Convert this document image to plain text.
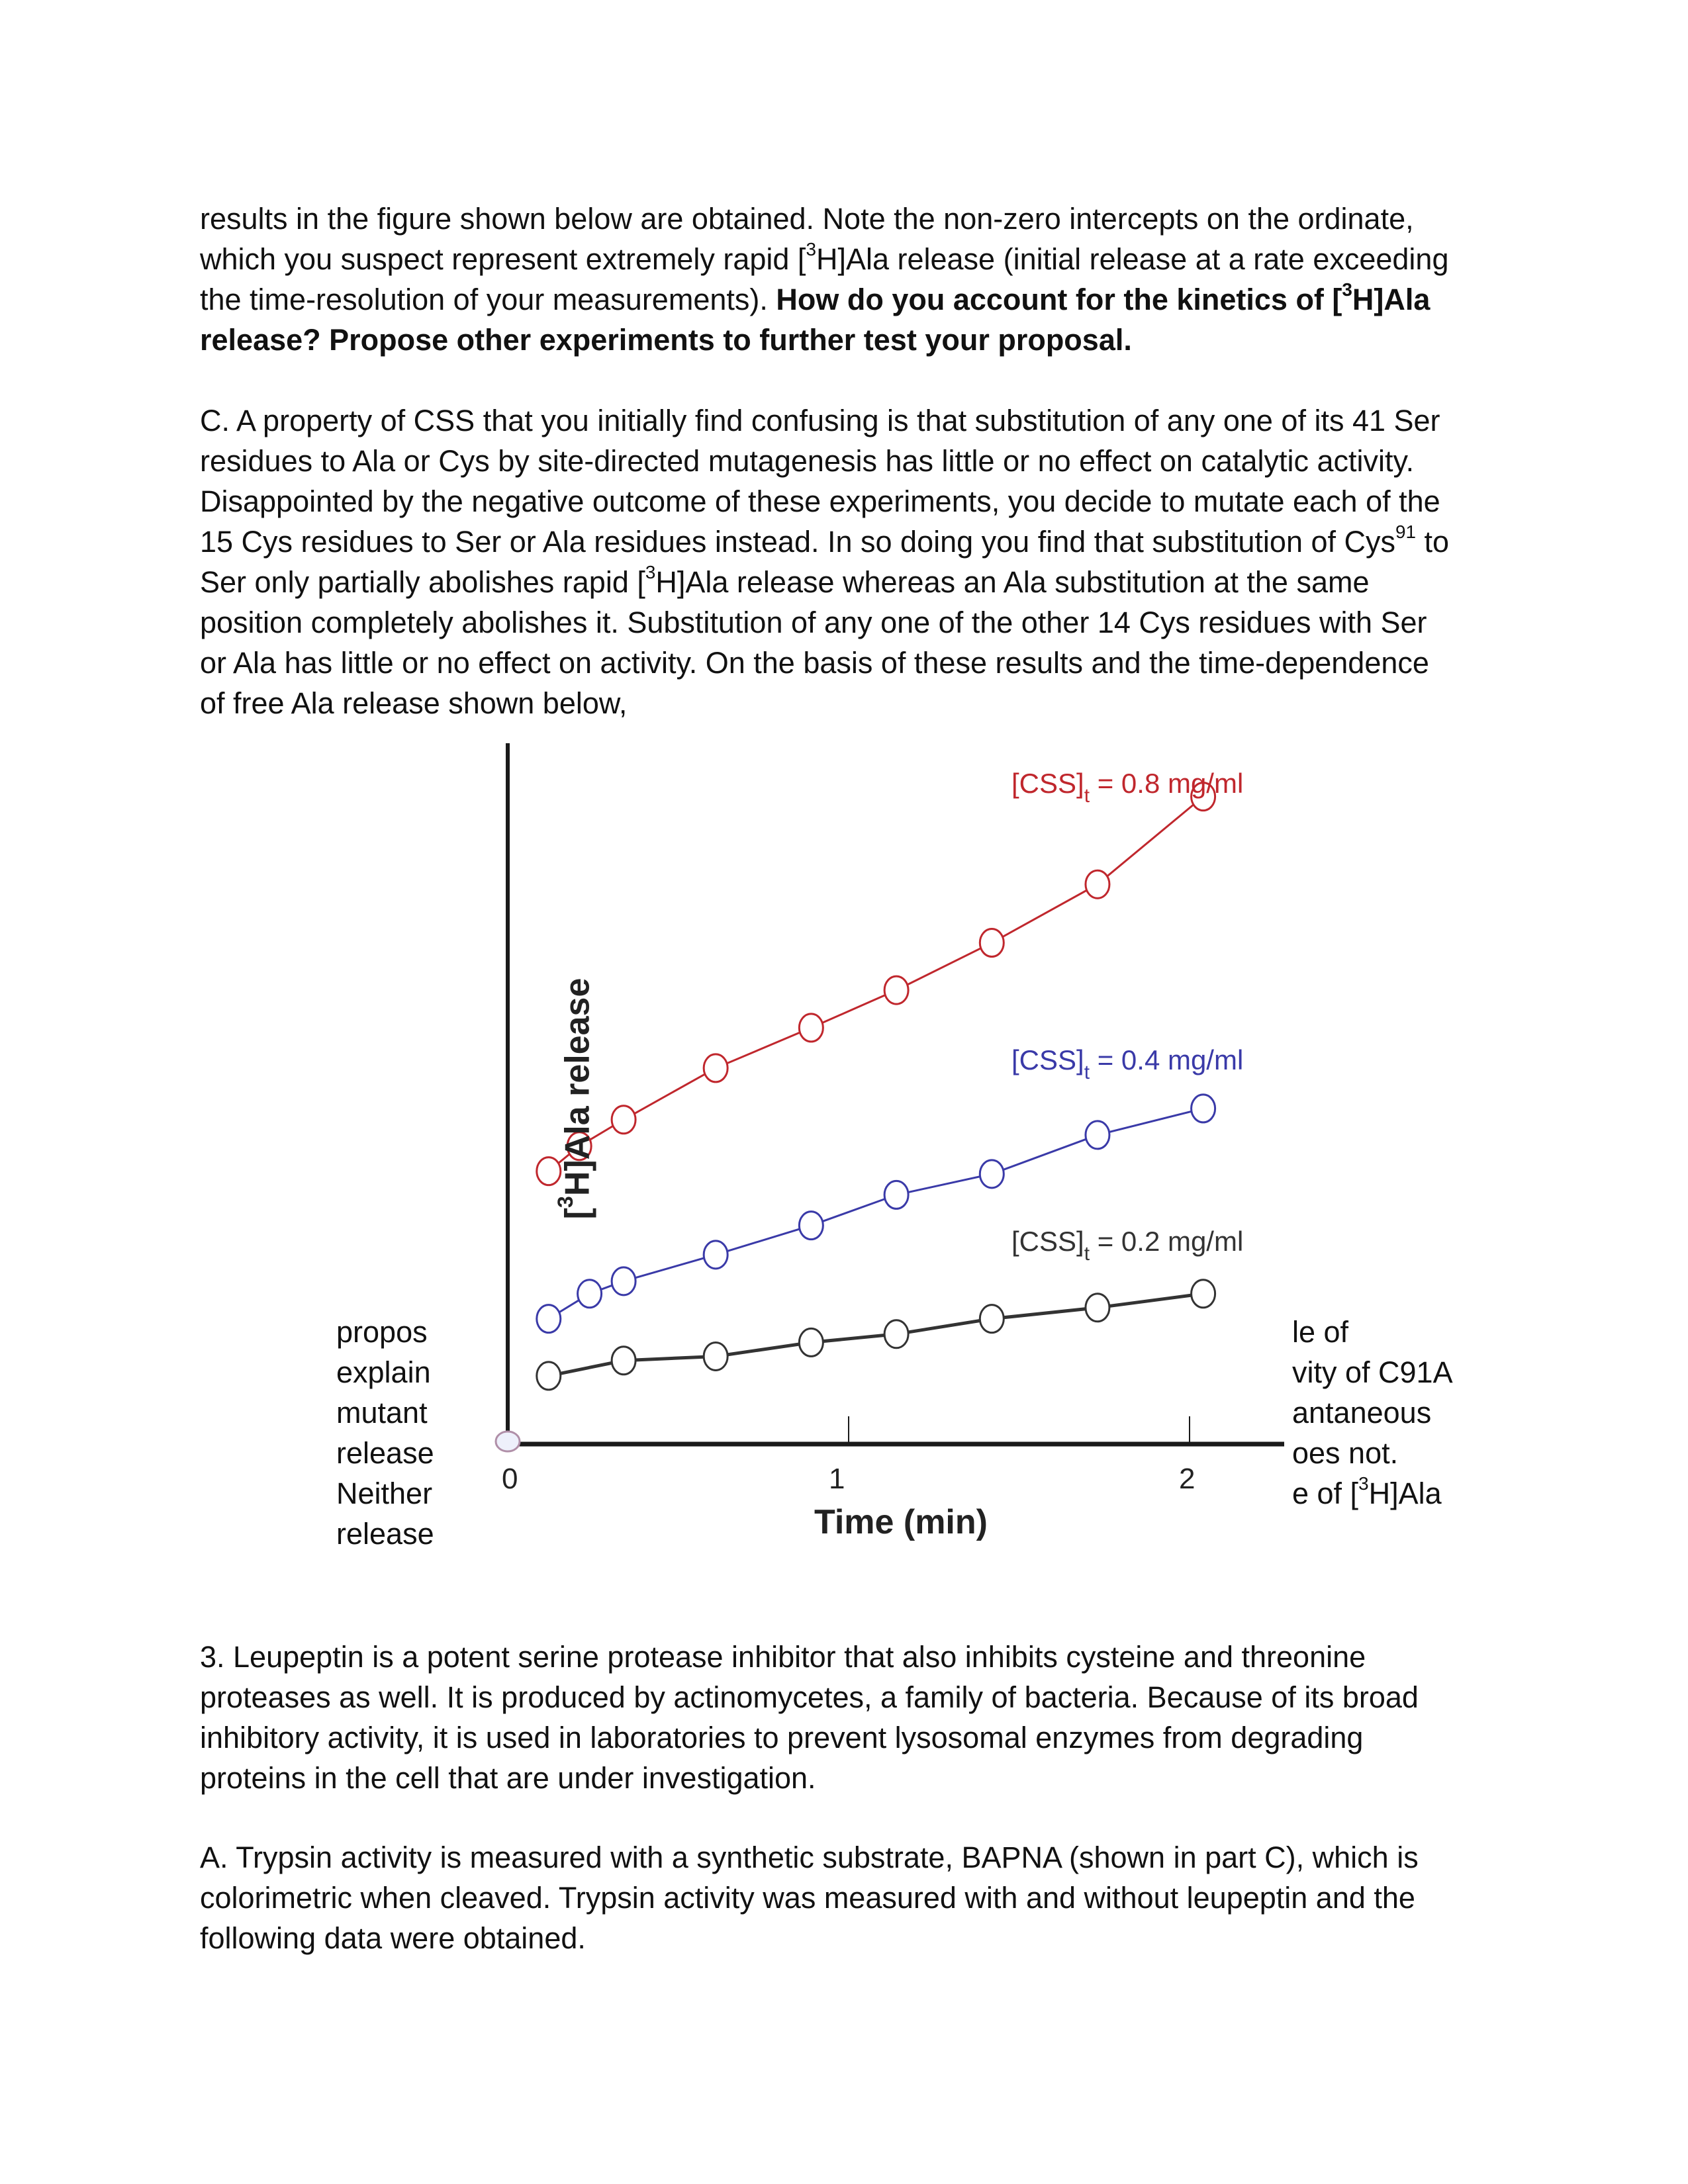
results in the figure shown below are obtained. Note the non-zero intercepts on the ordinate,
which you suspect represent extremely rapid [$^3$H]Ala release (initial release at a rate exceeding
the time-resolution of your measurements). How do you account for the kinetics of [$^3$H]Ala
release? Propose other experiments to further test your proposal.
C. A property of CSS that you initially find confusing is that substitution of any one of its 41 Ser
residues to Ala or Cys by site-directed mutagenesis has little or no effect on catalytic activity.
Disappointed by the negative outcome of these experiments, you decide to mutate each of the
15 Cys residues to Ser or Ala residues instead. In so doing you find that substitution of Cys$^{91}$ to
Ser only partially abolishes rapid [$^3$H]Ala release whereas an Ala substitution at the same
position completely abolishes it. Substitution of any one of the other 14 Cys residues with Ser
or Ala has little or no effect on activity. On the basis of these results and the time-dependence
of free Ala release shown below,
propos
explain
mutant
release
Neither
release
le of
vity of C91A
antaneous
oes not.
e of [$^3$H]Ala
[$^3$H]Ala release
$[CSS]_t = 0.8$ mg/ml
$[CSS]_t = 0.4$ mg/ml
$[CSS]_t = 0.2$ mg/ml
0	1	2
Time (min)
3. Leupeptin is a potent serine protease inhibitor that also inhibits cysteine and threonine
proteases as well. It is produced by actinomycetes, a family of bacteria. Because of its broad
inhibitory activity, it is used in laboratories to prevent lysosomal enzymes from degrading
proteins in the cell that are under investigation.
A. Trypsin activity is measured with a synthetic substrate, BAPNA (shown in part C), which is
colorimetric when cleaved. Trypsin activity was measured with and without leupeptin and the
following data were obtained.
